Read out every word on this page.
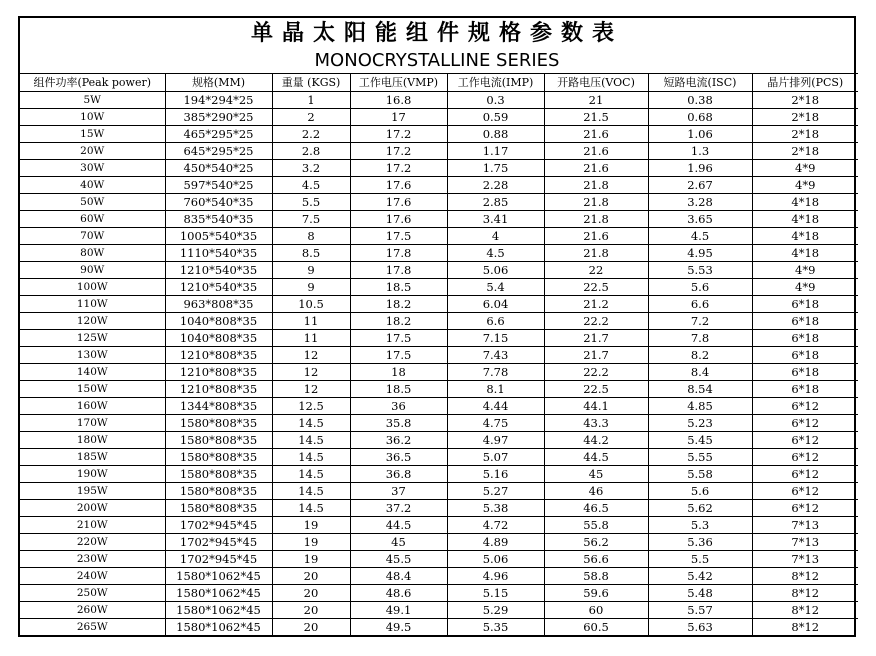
单晶太阳能组件规格参数表
MONOCRYSTALLINE SERIES
组件功率(Peak power)	规格(MM)	重量 (KGS)	工作电压(VMP)	工作电流(IMP)	开路电压(VOC)	短路电流(ISC)	晶片排列(PCS)
5W	194*294*25	1	16.8	0.3	21	0.38	2*18
10W	385*290*25	2	17	0.59	21.5	0.68	2*18
15W	465*295*25	2.2	17.2	0.88	21.6	1.06	2*18
20W	645*295*25	2.8	17.2	1.17	21.6	1.3	2*18
30W	450*540*25	3.2	17.2	1.75	21.6	1.96	4*9
40W	597*540*25	4.5	17.6	2.28	21.8	2.67	4*9
50W	760*540*35	5.5	17.6	2.85	21.8	3.28	4*18
60W	835*540*35	7.5	17.6	3.41	21.8	3.65	4*18
70W	1005*540*35	8	17.5	4	21.6	4.5	4*18
80W	1110*540*35	8.5	17.8	4.5	21.8	4.95	4*18
90W	1210*540*35	9	17.8	5.06	22	5.53	4*9
100W	1210*540*35	9	18.5	5.4	22.5	5.6	4*9
110W	963*808*35	10.5	18.2	6.04	21.2	6.6	6*18
120W	1040*808*35	11	18.2	6.6	22.2	7.2	6*18
125W	1040*808*35	11	17.5	7.15	21.7	7.8	6*18
130W	1210*808*35	12	17.5	7.43	21.7	8.2	6*18
140W	1210*808*35	12	18	7.78	22.2	8.4	6*18
150W	1210*808*35	12	18.5	8.1	22.5	8.54	6*18
160W	1344*808*35	12.5	36	4.44	44.1	4.85	6*12
170W	1580*808*35	14.5	35.8	4.75	43.3	5.23	6*12
180W	1580*808*35	14.5	36.2	4.97	44.2	5.45	6*12
185W	1580*808*35	14.5	36.5	5.07	44.5	5.55	6*12
190W	1580*808*35	14.5	36.8	5.16	45	5.58	6*12
195W	1580*808*35	14.5	37	5.27	46	5.6	6*12
200W	1580*808*35	14.5	37.2	5.38	46.5	5.62	6*12
210W	1702*945*45	19	44.5	4.72	55.8	5.3	7*13
220W	1702*945*45	19	45	4.89	56.2	5.36	7*13
230W	1702*945*45	19	45.5	5.06	56.6	5.5	7*13
240W	1580*1062*45	20	48.4	4.96	58.8	5.42	8*12
250W	1580*1062*45	20	48.6	5.15	59.6	5.48	8*12
260W	1580*1062*45	20	49.1	5.29	60	5.57	8*12
265W	1580*1062*45	20	49.5	5.35	60.5	5.63	8*12
